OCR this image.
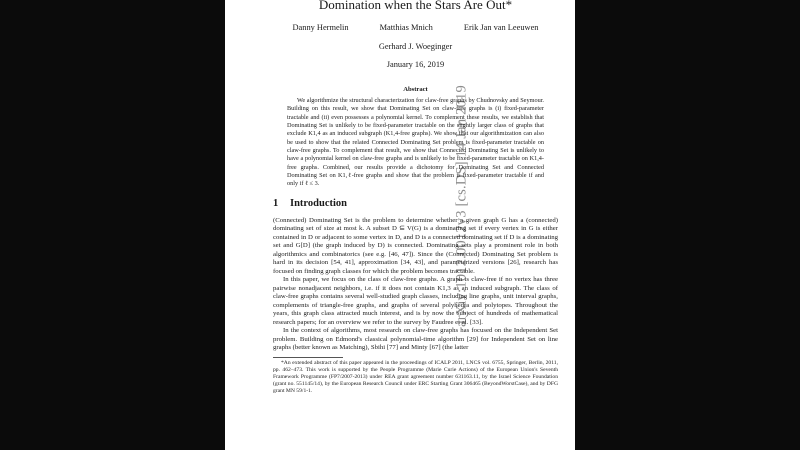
arXiv:1012.0012v3 [cs.DS] 14 Jan 2019
Domination when the Stars Are Out*
Danny Hermelin	Matthias Mnich	Erik Jan van Leeuwen
Gerhard J. Woeginger
January 16, 2019
Abstract

We algorithmize the structural characterization for claw-free graphs by Chudnovsky and Seymour. Building on this result, we show that Dominating Set on claw-free graphs is (i) fixed-parameter tractable and (ii) even possesses a polynomial kernel. To complement these results, we establish that Dominating Set is unlikely to be fixed-parameter tractable on the slightly larger class of graphs that exclude K1,4 as an induced subgraph (K1,4-free graphs). We show that our algorithmization can also be used to show that the related Connected Dominating Set problem is fixed-parameter tractable on claw-free graphs. To complement that result, we show that Connected Dominating Set is unlikely to have a polynomial kernel on claw-free graphs and is unlikely to be fixed-parameter tractable on K1,4-free graphs. Combined, our results provide a dichotomy for Dominating Set and Connected Dominating Set on K1,ℓ-free graphs and show that the problem is fixed-parameter tractable if and only if ℓ ≤ 3.

1 Introduction

(Connected) Dominating Set is the problem to determine whether a given graph G has a (connected) dominating set of size at most k. A subset D ⊆ V(G) is a dominating set if every vertex in G is either contained in D or adjacent to some vertex in D, and D is a connected dominating set if D is a dominating set and G[D] (the graph induced by D) is connected. Dominating sets play a prominent role in both algorithmics and combinatorics (see e.g. [46, 47]). Since the (Connected) Dominating Set problem is hard in its decision [54, 41], approximation [34, 43], and parameterized versions [26], research has focused on finding graph classes for which the problem becomes tractable.

In this paper, we focus on the class of claw-free graphs. A graph is claw-free if no vertex has three pairwise nonadjacent neighbors, i.e. if it does not contain K1,3 as an induced subgraph. The class of claw-free graphs contains several well-studied graph classes, including line graphs, unit interval graphs, complements of triangle-free graphs, and graphs of several polyhedra and polytopes. Throughout the years, this graph class attracted much interest, and is by now the subject of hundreds of mathematical research papers; for an overview we refer to the survey by Faudree et al. [33].

In the context of algorithms, most research on claw-free graphs has focused on the Independent Set problem. Building on Edmond's classical polynomial-time algorithm [29] for Independent Set on line graphs (better known as Matching), Sbihi [77] and Minty [67] (the latter

*An extended abstract of this paper appeared in the proceedings of ICALP 2011, LNCS vol. 6755, Springer, Berlin, 2011, pp. 462–473. This work is supported by the People Programme (Marie Curie Actions) of the European Union's Seventh Framework Programme (FP7/2007-2013) under REA grant agreement number 631163.11, by the Israel Science Foundation (grant no. 551145/14), by the European Research Council under ERC Starting Grant 306465 (BeyondWorstCase), and by DFG grant MN 59/1-1.
